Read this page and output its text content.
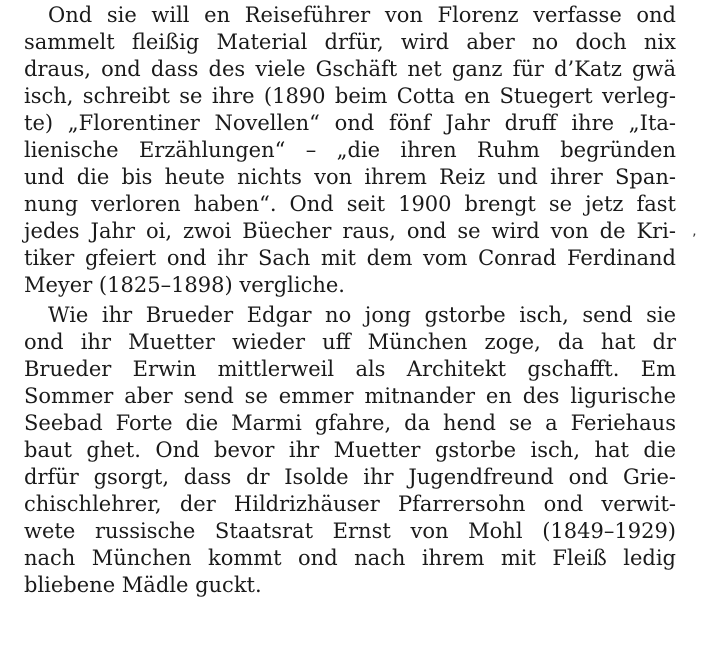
Ond sie will en Reiseführer von Florenz verfasse ond
sammelt fleißig Material drfür, wird aber no doch nix
draus, ond dass des viele Gschäft net ganz für d’Katz gwä
isch, schreibt se ihre (1890 beim Cotta en Stuegert verleg-
te) „Florentiner Novellen“ ond fönf Jahr druff ihre „Ita-
lienische Erzählungen“ – „die ihren Ruhm begründen
und die bis heute nichts von ihrem Reiz und ihrer Span-
nung verloren haben“. Ond seit 1900 brengt se jetz fast
jedes Jahr oi, zwoi Büecher raus, ond se wird von de Kri-
tiker gfeiert ond ihr Sach mit dem vom Conrad Ferdinand
Meyer (1825–1898) vergliche.
Wie ihr Brueder Edgar no jong gstorbe isch, send sie
ond ihr Muetter wieder uff München zoge, da hat dr
Brueder Erwin mittlerweil als Architekt gschafft. Em
Sommer aber send se emmer mitnander en des ligurische
Seebad Forte die Marmi gfahre, da hend se a Feriehaus
baut ghet. Ond bevor ihr Muetter gstorbe isch, hat die
drfür gsorgt, dass dr Isolde ihr Jugendfreund ond Grie-
chischlehrer, der Hildrizhäuser Pfarrersohn ond verwit-
wete russische Staatsrat Ernst von Mohl (1849–1929)
nach München kommt ond nach ihrem mit Fleiß ledig
bliebene Mädle guckt.
’
